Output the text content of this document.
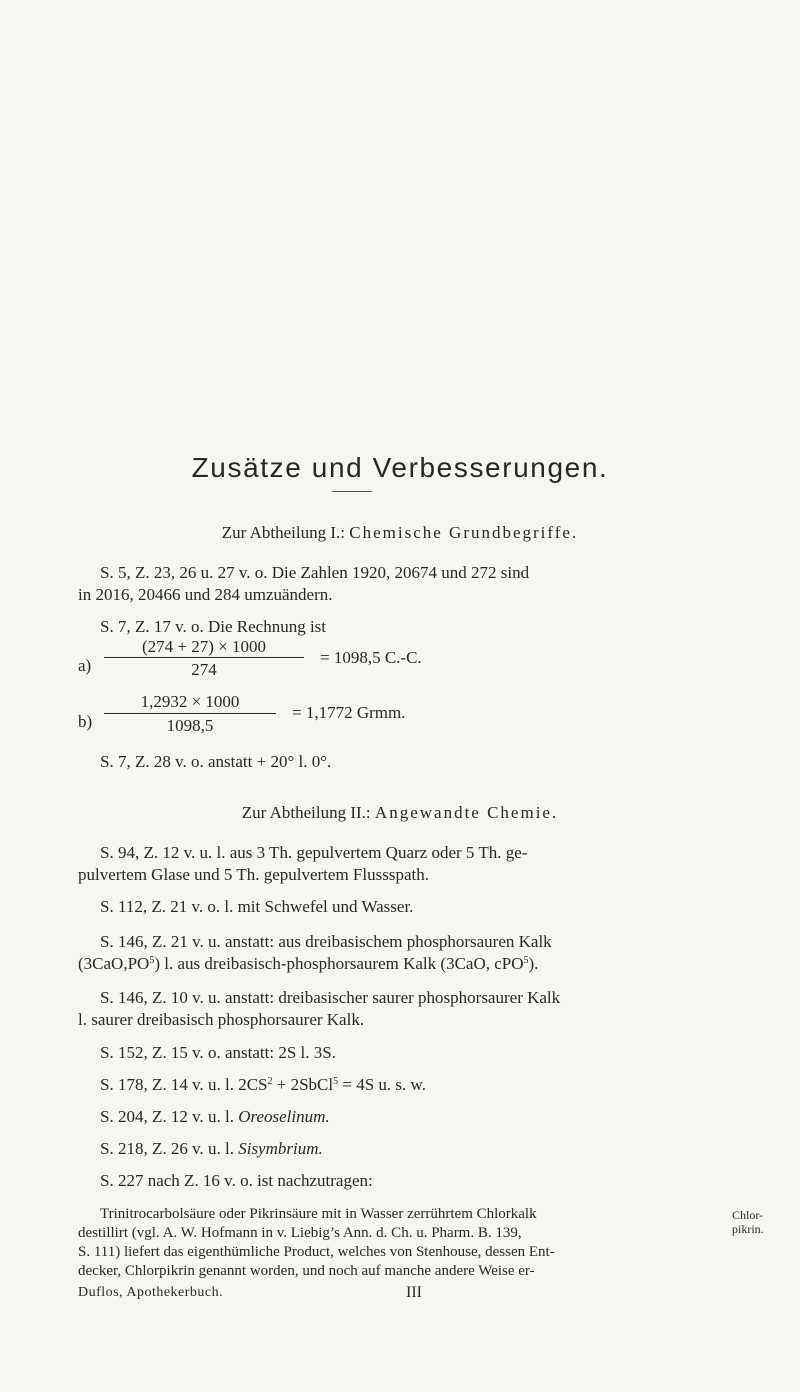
Zusätze und Verbesserungen.
Zur Abtheilung I.: Chemische Grundbegriffe.
S. 5, Z. 23, 26 u. 27 v. o. Die Zahlen 1920, 20674 und 272 sind
in 2016, 20466 und 284 umzuändern.
S. 7, Z. 17 v. o. Die Rechnung ist
a)
(274 + 27) × 1000
274
= 1098,5 C.-C.
b)
1,2932 × 1000
1098,5
= 1,1772 Grmm.
S. 7, Z. 28 v. o. anstatt + 20° l. 0°.
Zur Abtheilung II.: Angewandte Chemie.
S. 94, Z. 12 v. u. l. aus 3 Th. gepulvertem Quarz oder 5 Th. ge-
pulvertem Glase und 5 Th. gepulvertem Flussspath.
S. 112, Z. 21 v. o. l. mit Schwefel und Wasser.
S. 146, Z. 21 v. u. anstatt: aus dreibasischem phosphorsauren Kalk
$(3CaO,PO^5)$ l. aus dreibasisch-phosphorsaurem Kalk (3CaO, cPO$^5$).
S. 146, Z. 10 v. u. anstatt: dreibasischer saurer phosphorsaurer Kalk
l. saurer dreibasisch phosphorsaurer Kalk.
S. 152, Z. 15 v. o. anstatt: 2S l. 3S.
S. 178, Z. 14 v. u. l. $2CS^2$ + 2SbCl$^5$ = 4S u. s. w.
S. 204, Z. 12 v. u. l. Oreoselinum.
S. 218, Z. 26 v. u. l. Sisymbrium.
S. 227 nach Z. 16 v. o. ist nachzutragen:
Trinitrocarbolsäure oder Pikrinsäure mit in Wasser zerrührtem Chlorkalk
destillirt (vgl. A. W. Hofmann in v. Liebig’s Ann. d. Ch. u. Pharm. B. 139,
S. 111) liefert das eigenthümliche Product, welches von Stenhouse, dessen Ent-
decker, Chlorpikrin genannt worden, und noch auf manche andere Weise er-
Chlor-
pikrin.
Duflos, Apothekerbuch.	III
